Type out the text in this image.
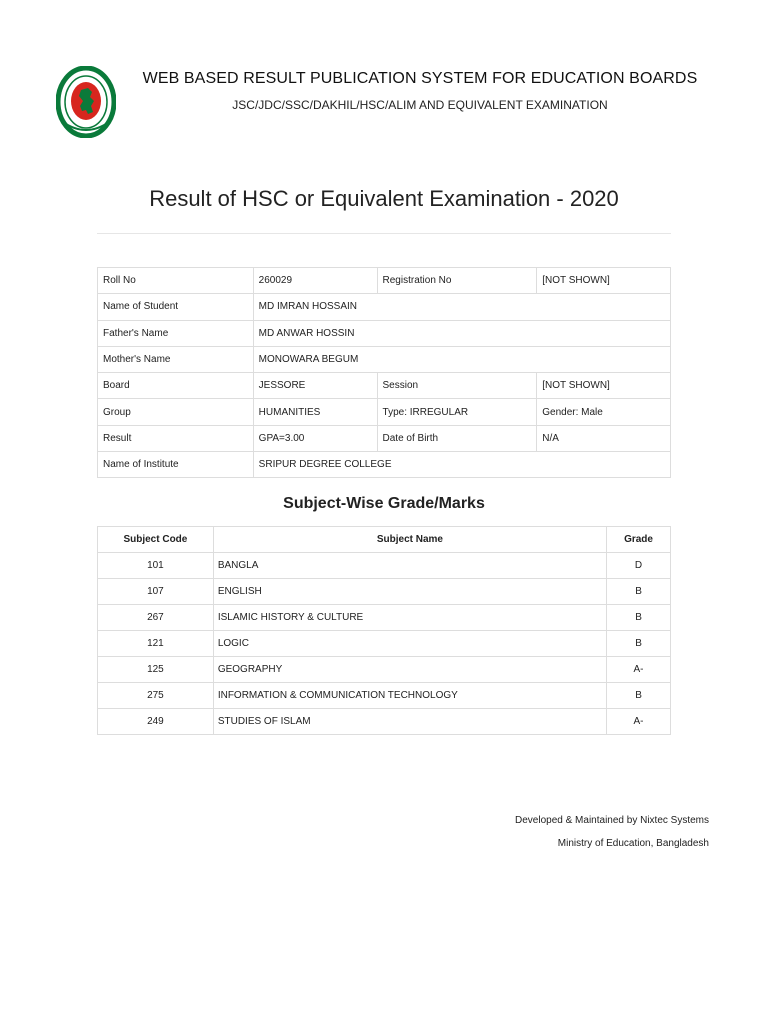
WEB BASED RESULT PUBLICATION SYSTEM FOR EDUCATION BOARDS
JSC/JDC/SSC/DAKHIL/HSC/ALIM AND EQUIVALENT EXAMINATION
Result of HSC or Equivalent Examination - 2020
Roll No	260029	Registration No	[NOT SHOWN]
Name of Student	MD IMRAN HOSSAIN		
Father's Name	MD ANWAR HOSSIN		
Mother's Name	MONOWARA BEGUM		
Board	JESSORE	Session	[NOT SHOWN]
Group	HUMANITIES	Type: IRREGULAR	Gender: Male
Result	GPA=3.00	Date of Birth	N/A
Name of Institute	SRIPUR DEGREE COLLEGE		
Subject-Wise Grade/Marks
Subject Code	Subject Name	Grade
101	BANGLA	D
107	ENGLISH	B
267	ISLAMIC HISTORY & CULTURE	B
121	LOGIC	B
125	GEOGRAPHY	A-
275	INFORMATION & COMMUNICATION TECHNOLOGY	B
249	STUDIES OF ISLAM	A-
Developed & Maintained by Nixtec Systems
Ministry of Education, Bangladesh
